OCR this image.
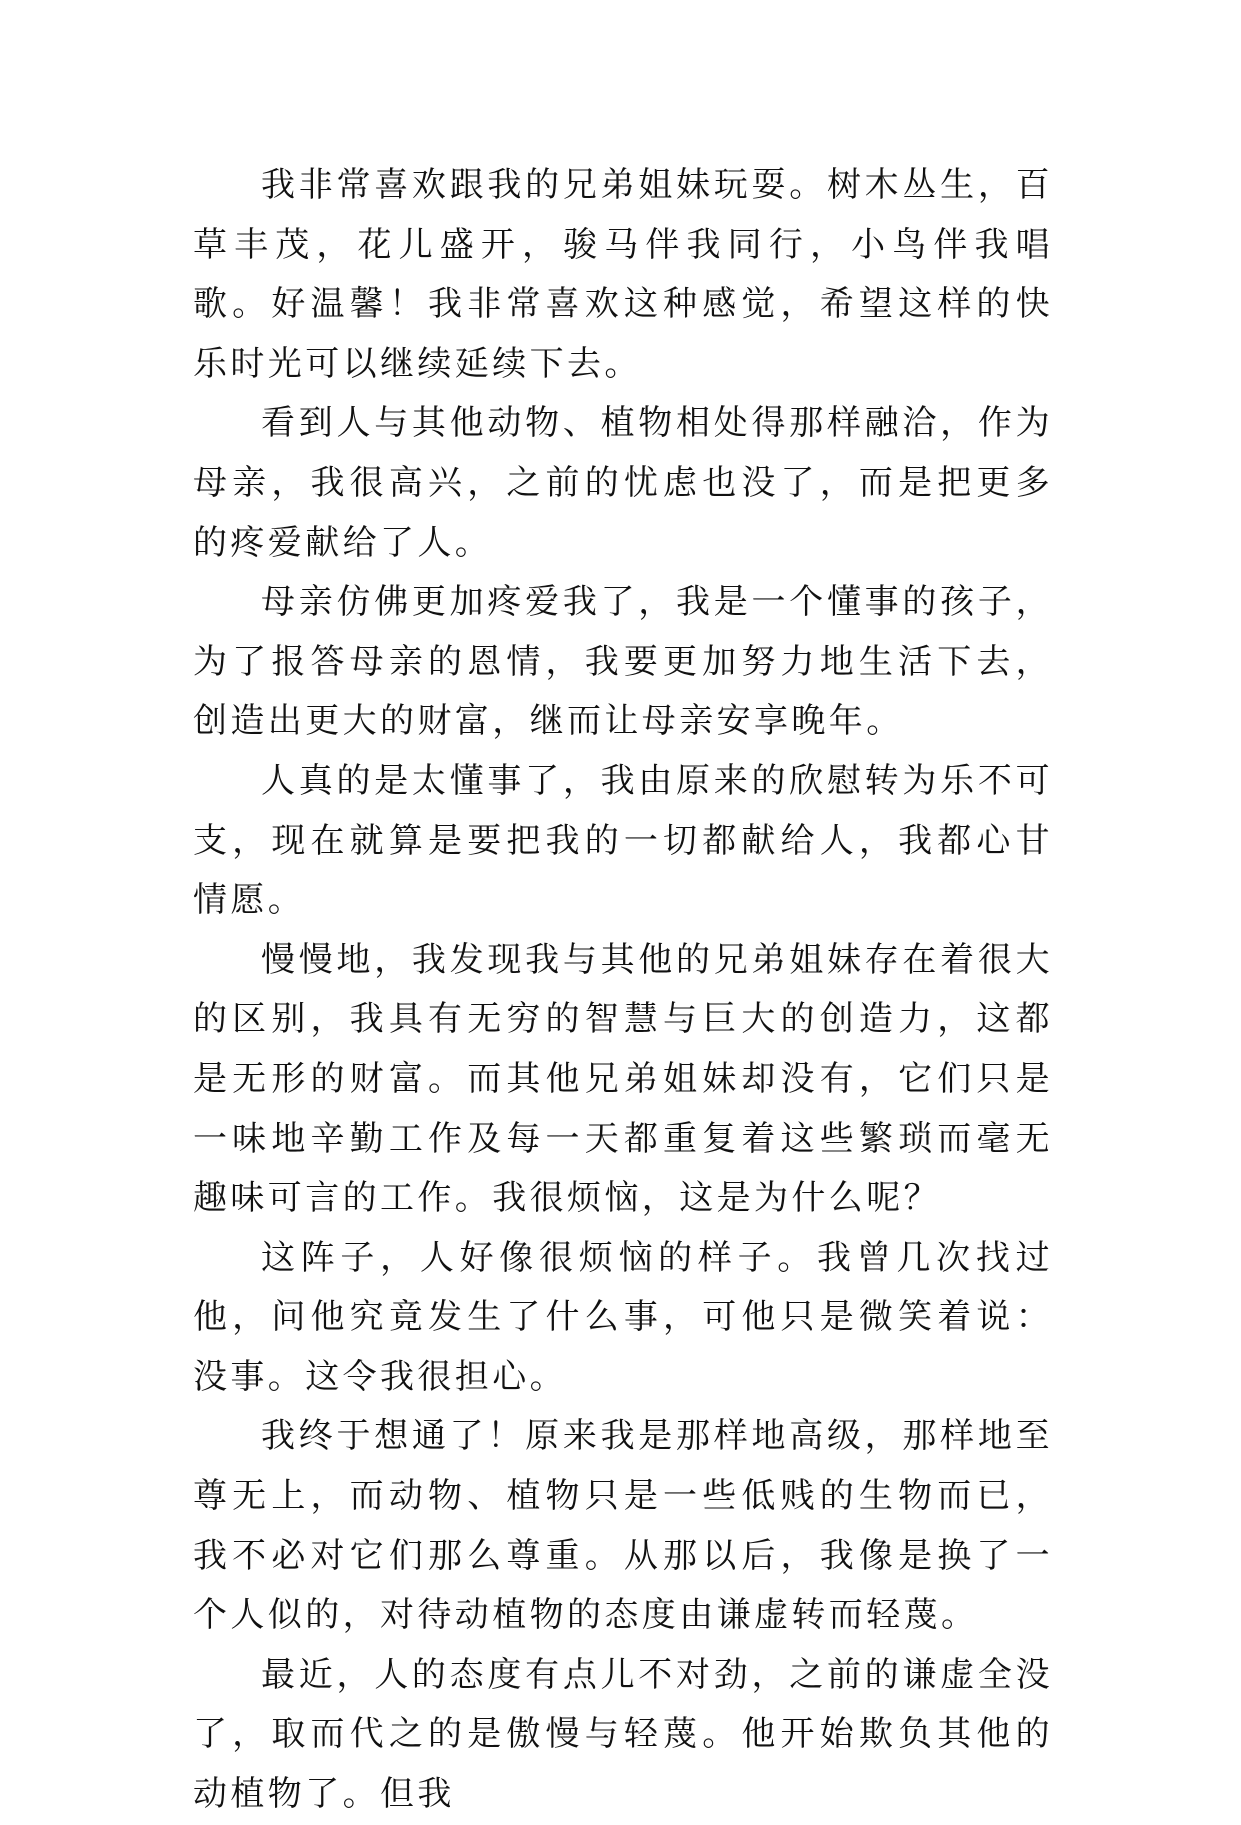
我非常喜欢跟我的兄弟姐妹玩耍。树木丛生，百草丰茂，花儿盛开，骏马伴我同行，小鸟伴我唱歌。好温馨！我非常喜欢这种感觉，希望这样的快乐时光可以继续延续下去。

看到人与其他动物、植物相处得那样融洽，作为母亲，我很高兴，之前的忧虑也没了，而是把更多的疼爱献给了人。

母亲仿佛更加疼爱我了，我是一个懂事的孩子，为了报答母亲的恩情，我要更加努力地生活下去，创造出更大的财富，继而让母亲安享晚年。

人真的是太懂事了，我由原来的欣慰转为乐不可支，现在就算是要把我的一切都献给人，我都心甘情愿。

慢慢地，我发现我与其他的兄弟姐妹存在着很大的区别，我具有无穷的智慧与巨大的创造力，这都是无形的财富。而其他兄弟姐妹却没有，它们只是一味地辛勤工作及每一天都重复着这些繁琐而毫无趣味可言的工作。我很烦恼，这是为什么呢？

这阵子，人好像很烦恼的样子。我曾几次找过他，问他究竟发生了什么事，可他只是微笑着说：没事。这令我很担心。

我终于想通了！原来我是那样地高级，那样地至尊无上，而动物、植物只是一些低贱的生物而已，我不必对它们那么尊重。从那以后，我像是换了一个人似的，对待动植物的态度由谦虚转而轻蔑。

最近，人的态度有点儿不对劲，之前的谦虚全没了，取而代之的是傲慢与轻蔑。他开始欺负其他的动植物了。但我
